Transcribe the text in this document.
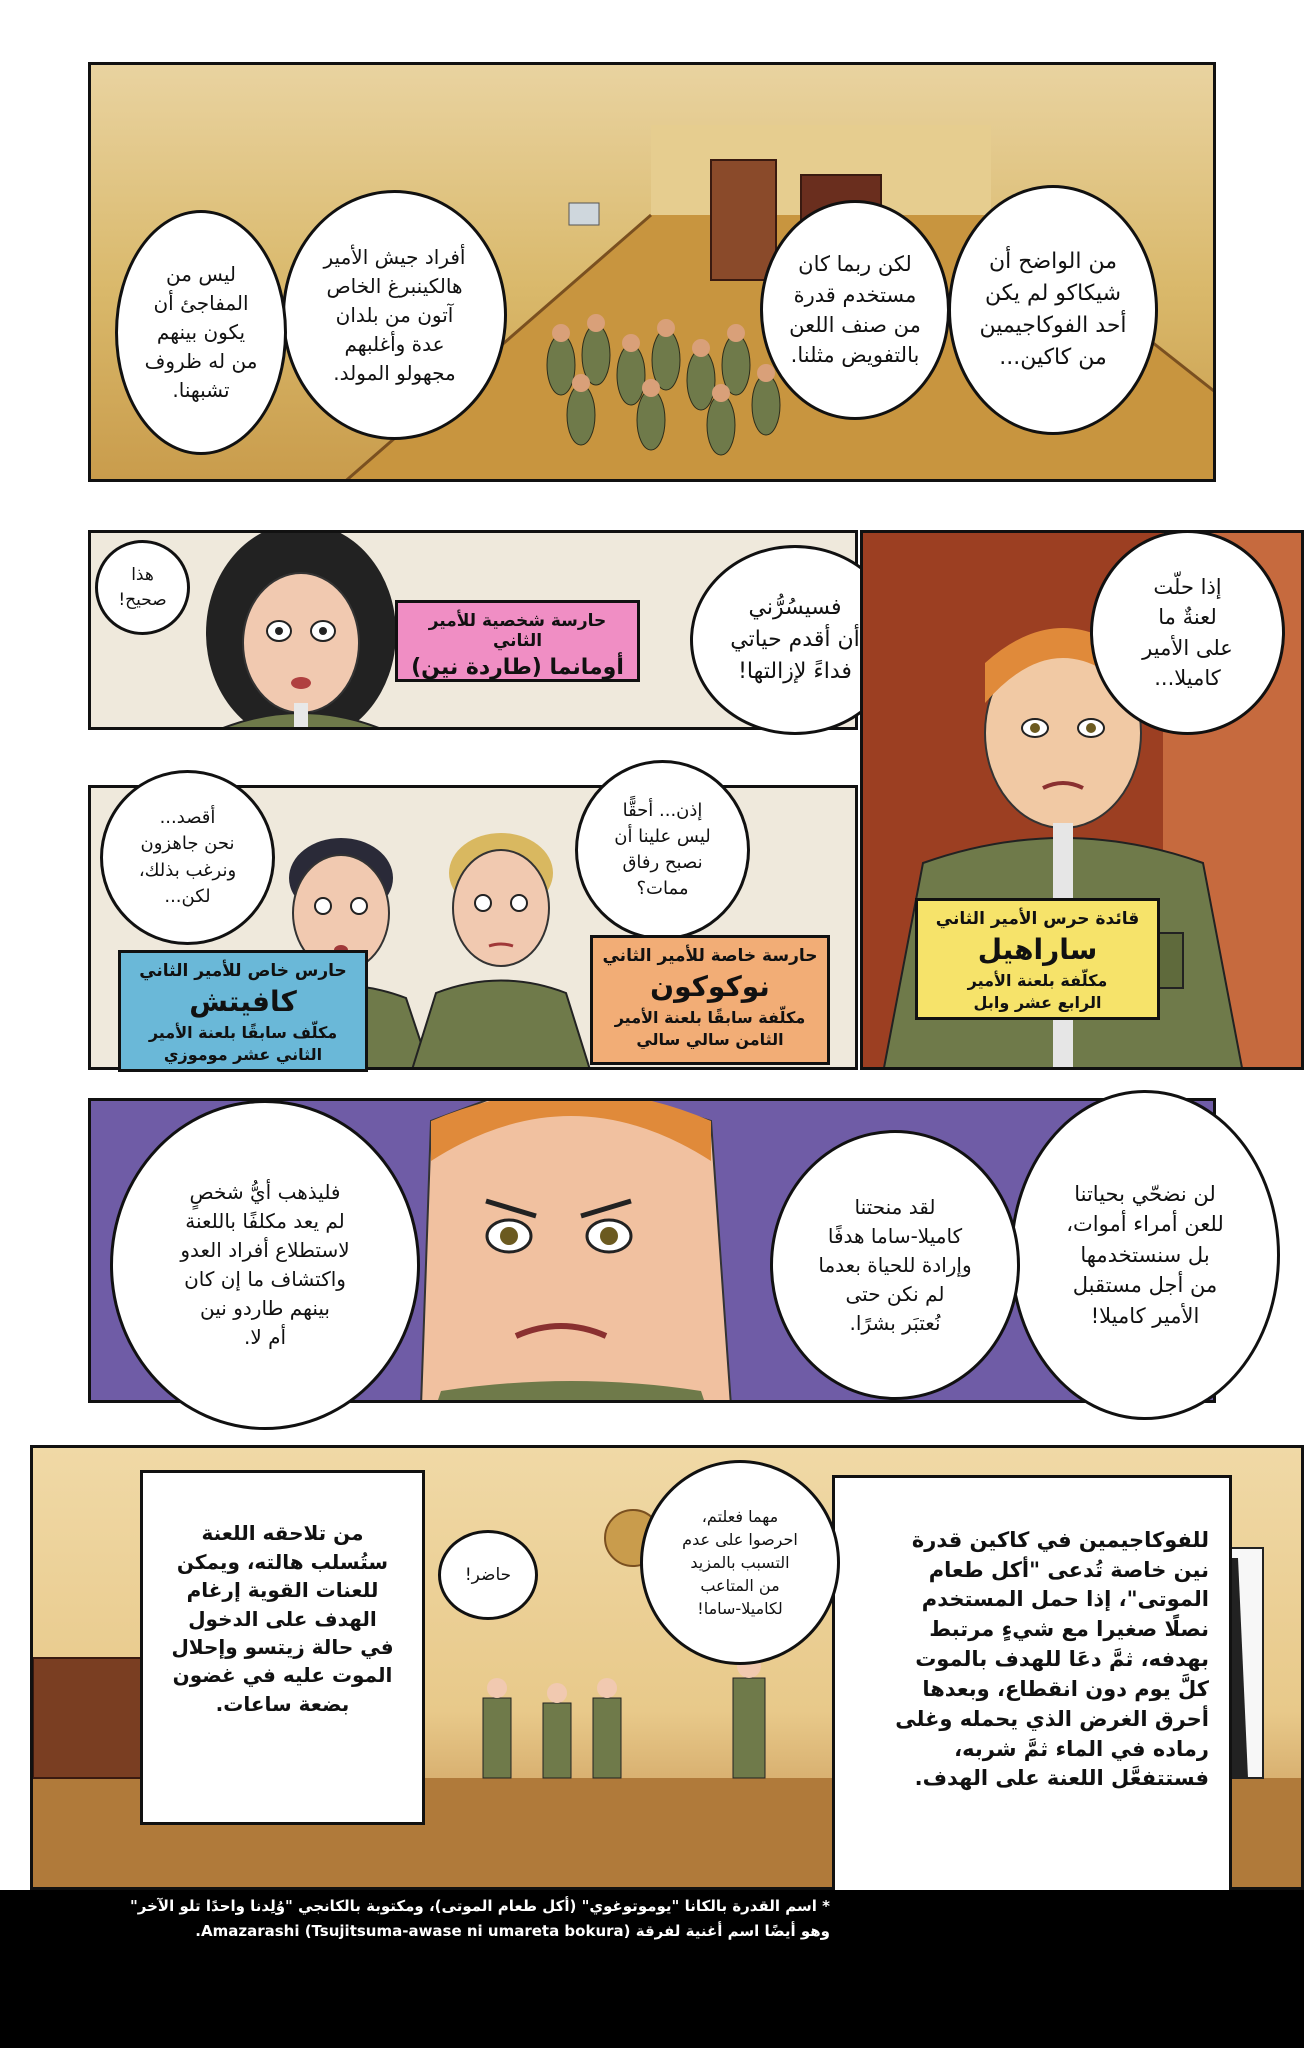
من الواضح أن
شيكاكو لم يكن
أحد الفوكاجيمين
من كاكين...
لكن ربما كان
مستخدم قدرة
من صنف اللعن
بالتفويض مثلنا.
أفراد جيش الأمير
هالكينبرغ الخاص
آتون من بلدان
عدة وأغلبهم
مجهولو المولد.
ليس من
المفاجئ أن
يكون بينهم
من له ظروف
تشبهنا.
هذا
صحيح!
حارسة شخصية للأمير الثاني
أومانما (طاردة نين)
فسيسُرُّني
أن أقدم حياتي
فداءً لإزالتها!
إذا حلّت
لعنةٌ ما
على الأمير
كاميلا...
قائدة حرس الأمير الثاني
ساراهيل
مكلّفة بلعنة الأمير
الرابع عشر وابل
أقصد...
نحن جاهزون
ونرغب بذلك،
لكن...
إذن... أحقًّا
ليس علينا أن
نصبح رفاق
ممات؟
حارس خاص للأمير الثاني
كافيتش
مكلّف سابقًا بلعنة الأمير
الثاني عشر موموزي
حارسة خاصة للأمير الثاني
نوكوكون
مكلّفة سابقًا بلعنة الأمير
الثامن سالي سالي
لن نضحّي بحياتنا
للعن أمراء أموات،
بل سنستخدمها
من أجل مستقبل
الأمير كاميلا!
لقد منحتنا
كاميلا-ساما هدفًا
وإرادة للحياة بعدما
لم نكن حتى
نُعتبَر بشرًا.
فليذهب أيُّ شخصٍ
لم يعد مكلفًا باللعنة
لاستطلاع أفراد العدو
واكتشاف ما إن كان
بينهم طاردو نين
أم لا.

للفوكاجيمين في كاكين قدرة
نين خاصة تُدعى "أكل طعام
الموتى"، إذا حمل المستخدم
نصلًا صغيرا مع شيءٍ مرتبط
بهدفه، ثمَّ دعَا للهدف بالموت
كلَّ يوم دون انقطاع، وبعدها
أحرق الغرض الذي يحمله وغلى
رماده في الماء ثمَّ شربه،
فستتفعَّل اللعنة على الهدف.

من تلاحقه اللعنة
ستُسلب هالته، ويمكن
للعنات القوية إرغام
الهدف على الدخول
في حالة زيتسو وإحلال
الموت عليه في غضون
بضعة ساعات.

مهما فعلتم،
احرصوا على عدم
التسبب بالمزيد
من المتاعب
لكاميلا-ساما!
حاضر!
* اسم القدرة بالكانا "يوموتوغوي" (أكل طعام الموتى)، ومكتوبة بالكانجي "وُلِدنا واحدًا تلو الآخر"
وهو أيضًا اسم أغنية لفرقة Amazarashi (Tsujitsuma-awase ni umareta bokura).
